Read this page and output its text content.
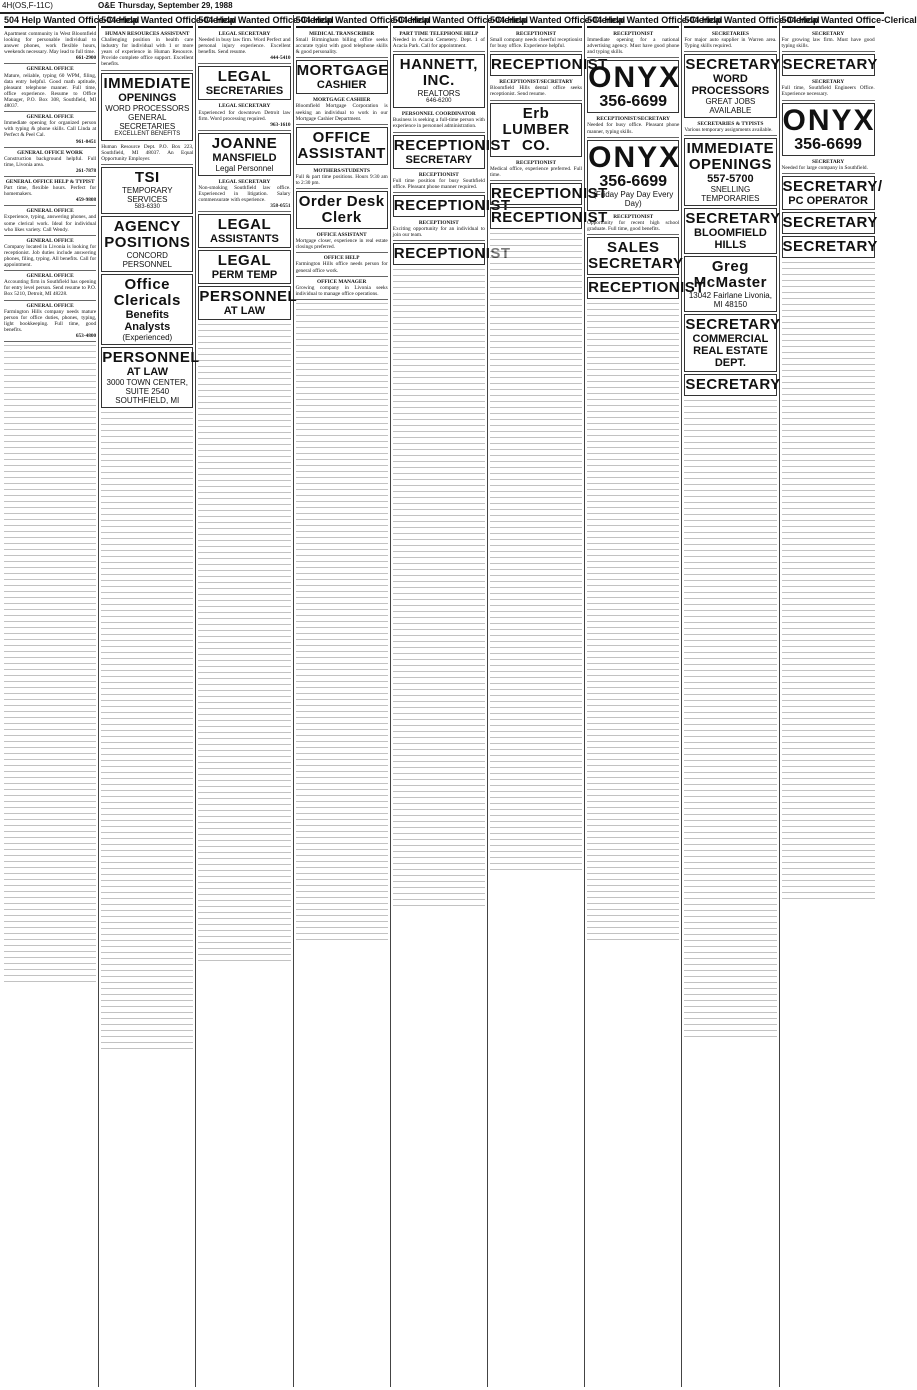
4H(OS,F-11C)	O&E Thursday, September 29, 1988
504 Help Wanted Office-Clerical
Apartment community in West Bloomfield looking for personable individual to answer phones, work flexible hours, weekends necessary. May lead to full time.
661-2900
GENERAL OFFICE
Mature, reliable, typing 60 WPM, filing, data entry helpful. Good math aptitude, pleasant telephone manner. Full time, office experience. Resume to Office Manager, P.O. Box 308, Southfield, MI 48037.
GENERAL OFFICE
Immediate opening for organized person with typing & phone skills. Call Linda at Perfect & Peel Cal.
961-8451
GENERAL OFFICE WORK
Construction background helpful. Full time, Livonia area.
261-7878
GENERAL OFFICE HELP & TYPIST
Part time, flexible hours. Perfect for homemakers.
459-9808
GENERAL OFFICE
Experience, typing, answering phones, and some clerical work. Ideal for individual who likes variety. Call Wendy.
GENERAL OFFICE
Company located in Livonia is looking for receptionist. Job duties include answering phones, filing, typing. All benefits. Call for appointment.
GENERAL OFFICE
Accounting firm in Southfield has opening for entry level person. Send resume to P.O. Box 5210, Detroit, MI 48228.
GENERAL OFFICE
Farmington Hills company needs mature person for office duties, phones, typing, light bookkeeping. Full time, good benefits.
653-4800
504 Help Wanted Office-Clerical
HUMAN RESOURCES ASSISTANT
Challenging position in health care industry for individual with 1 or more years of experience in Human Resource. Provide complete office support. Excellent benefits.
IMMEDIATE
OPENINGS
WORD PROCESSORS GENERAL SECRETARIES
EXCELLENT BENEFITS
Human Resource Dept. P.O. Box 223, Southfield, MI 48037. An Equal Opportunity Employer.
TSI
TEMPORARY SERVICES
583-6330
AGENCY POSITIONS
CONCORD PERSONNEL
Office Clericals
Benefits Analysts
(Experienced)
PERSONNEL
AT LAW
3000 TOWN CENTER, SUITE 2540 SOUTHFIELD, MI
504 Help Wanted Office-Clerical
LEGAL SECRETARY
Needed in busy law firm. Word Perfect and personal injury experience. Excellent benefits. Send resume.
444-5410
LEGAL
SECRETARIES
LEGAL SECRETARY
Experienced for downtown Detroit law firm. Word processing required.
963-1610
JOANNE
MANSFIELD
Legal Personnel
LEGAL SECRETARY
Non-smoking Southfield law office. Experienced in litigation. Salary commensurate with experience.
358-0551
LEGAL
ASSISTANTS
LEGAL
PERM TEMP
PERSONNEL
AT LAW
504 Help Wanted Office-Clerical
MEDICAL TRANSCRIBER
Small Birmingham billing office seeks accurate typist with good telephone skills & good personality.
MORTGAGE
CASHIER
MORTGAGE CASHIER
Bloomfield Mortgage Corporation is seeking an individual to work in our Mortgage Cashier Department.
OFFICE ASSISTANT
MOTHERS/STUDENTS
Full & part time positions. Hours 9:30 am to 2:30 pm.
Order Desk Clerk
OFFICE ASSISTANT
Mortgage closer, experience in real estate closings preferred.
OFFICE HELP
Farmington Hills office needs person for general office work.
OFFICE MANAGER
Growing company in Livonia seeks individual to manage office operations.
504 Help Wanted Office-Clerical
PART TIME TELEPHONE HELP
Needed in Acacia Cemetery. Dept. 1 of Acacia Park. Call for appointment.
HANNETT, INC.
REALTORS
646-6200
PERSONNEL COORDINATOR
Business is seeking a full-time person with experience in personnel administration.
RECEPTIONIST
SECRETARY
RECEPTIONIST
Full time position for busy Southfield office. Pleasant phone manner required.
RECEPTIONIST
RECEPTIONIST
Exciting opportunity for an individual to join our team.
RECEPTIONIST
504 Help Wanted Office-Clerical
RECEPTIONIST
Small company needs cheerful receptionist for busy office. Experience helpful.
RECEPTIONIST
RECEPTIONIST/SECRETARY
Bloomfield Hills dental office seeks receptionist. Send resume.
Erb LUMBER CO.
RECEPTIONIST
Medical office, experience preferred. Full time.
RECEPTIONIST
RECEPTIONIST
504 Help Wanted Office-Clerical
RECEPTIONIST
Immediate opening for a national advertising agency. Must have good phone and typing skills.
ONYX
356-6699
RECEPTIONIST/SECRETARY
Needed for busy office. Pleasant phone manner, typing skills.
ONYX
356-6699
(Friday Pay Day Every Day)
RECEPTIONIST
Opportunity for recent high school graduate. Full time, good benefits.
SALES SECRETARY
RECEPTIONIST
504 Help Wanted Office-Clerical
SECRETARIES
For major auto supplier in Warren area. Typing skills required.
SECRETARY
WORD PROCESSORS
GREAT JOBS AVAILABLE
SECRETARIES & TYPISTS
Various temporary assignments available.
IMMEDIATE OPENINGS
557-5700
SNELLING TEMPORARIES
SECRETARY
BLOOMFIELD HILLS
Greg McMaster
13042 Fairlane Livonia, MI 48150
SECRETARY
COMMERCIAL REAL ESTATE DEPT.
SECRETARY
504 Help Wanted Office-Clerical
SECRETARY
For growing law firm. Must have good typing skills.
SECRETARY
SECRETARY
Full time, Southfield Engineers Office. Experience necessary.
ONYX
356-6699
SECRETARY
Needed for large company in Southfield.
SECRETARY/
PC OPERATOR
SECRETARY
SECRETARY
